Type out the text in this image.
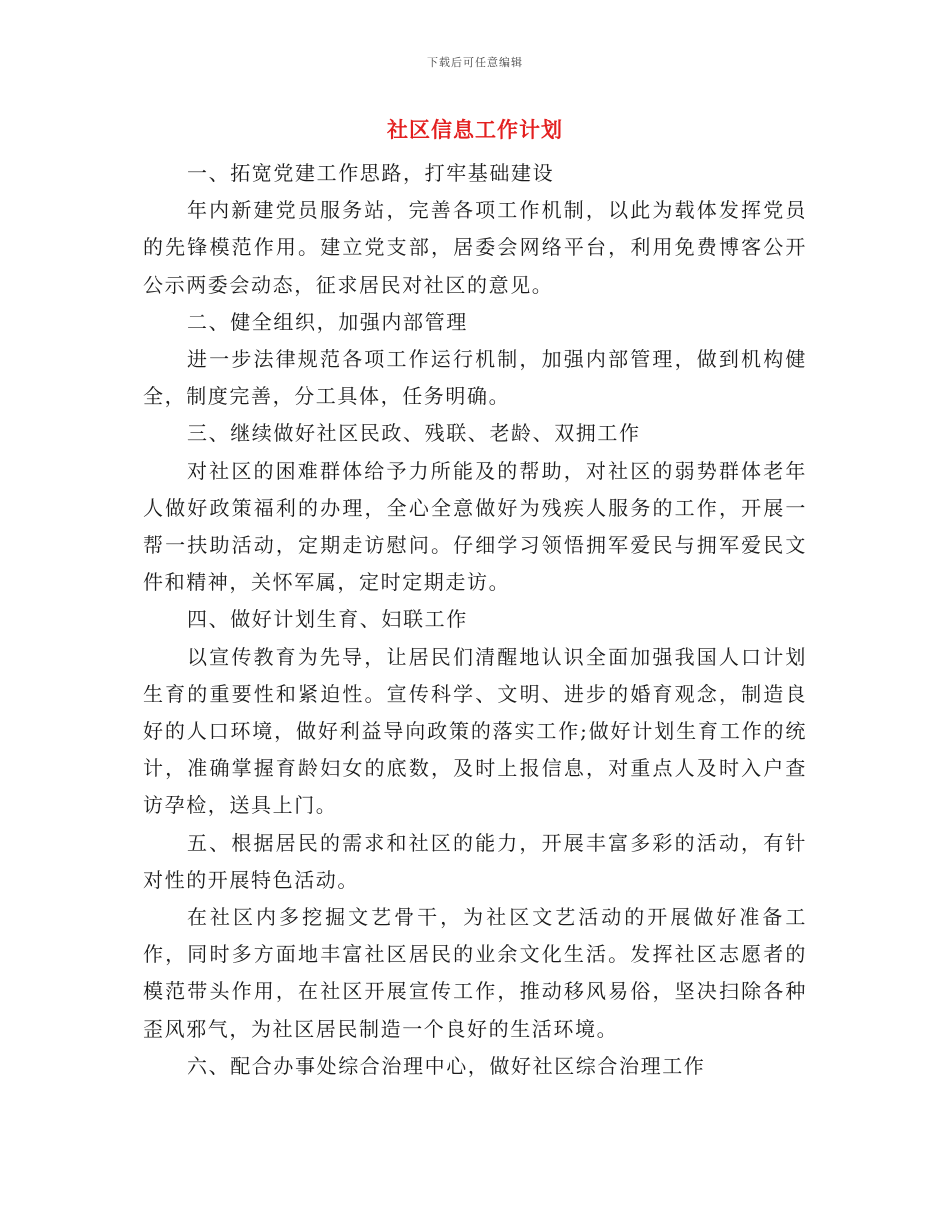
下载后可任意编辑
社区信息工作计划

一、拓宽党建工作思路，打牢基础建设

年内新建党员服务站，完善各项工作机制，以此为载体发挥党员的先锋模范作用。建立党支部，居委会网络平台，利用免费博客公开公示两委会动态，征求居民对社区的意见。

二、健全组织，加强内部管理

进一步法律规范各项工作运行机制，加强内部管理，做到机构健全，制度完善，分工具体，任务明确。

三、继续做好社区民政、残联、老龄、双拥工作

对社区的困难群体给予力所能及的帮助，对社区的弱势群体老年人做好政策福利的办理，全心全意做好为残疾人服务的工作，开展一帮一扶助活动，定期走访慰问。仔细学习领悟拥军爱民与拥军爱民文件和精神，关怀军属，定时定期走访。

四、做好计划生育、妇联工作

以宣传教育为先导，让居民们清醒地认识全面加强我国人口计划生育的重要性和紧迫性。宣传科学、文明、进步的婚育观念，制造良好的人口环境，做好利益导向政策的落实工作;做好计划生育工作的统计，准确掌握育龄妇女的底数，及时上报信息，对重点人及时入户查访孕检，送具上门。

五、根据居民的需求和社区的能力，开展丰富多彩的活动，有针对性的开展特色活动。

在社区内多挖掘文艺骨干，为社区文艺活动的开展做好准备工作，同时多方面地丰富社区居民的业余文化生活。发挥社区志愿者的模范带头作用，在社区开展宣传工作，推动移风易俗，坚决扫除各种歪风邪气，为社区居民制造一个良好的生活环境。

六、配合办事处综合治理中心，做好社区综合治理工作
